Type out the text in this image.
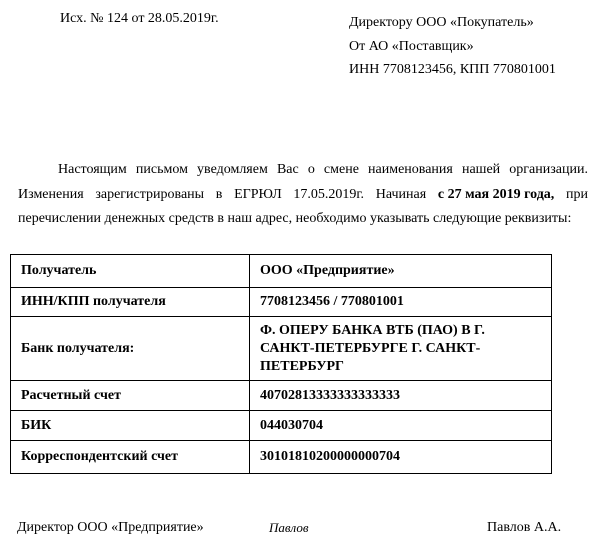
Исх. № 124 от 28.05.2019г.	Директору ООО «Покупатель»
От АО «Поставщик»
ИНН 7708123456, КПП 770801001
Настоящим письмом уведомляем Вас о смене наименования нашей организации.
Изменения зарегистрированы в ЕГРЮЛ 17.05.2019г. Начиная с 27 мая 2019 года, при
перечислении денежных средств в наш адрес, необходимо указывать следующие реквизиты:
Получатель	ООО «Предприятие»
ИНН/КПП получателя	7708123456 / 770801001
Банк получателя:	Ф. ОПЕРУ БАНКА ВТБ (ПАО) В Г. САНКТ-ПЕТЕРБУРГЕ Г. САНКТ-ПЕТЕРБУРГ
Расчетный счет	40702813333333333333
БИК	044030704
Корреспондентский счет	30101810200000000704
Директор ООО «Предприятие»	Павлов	Павлов А.А.
